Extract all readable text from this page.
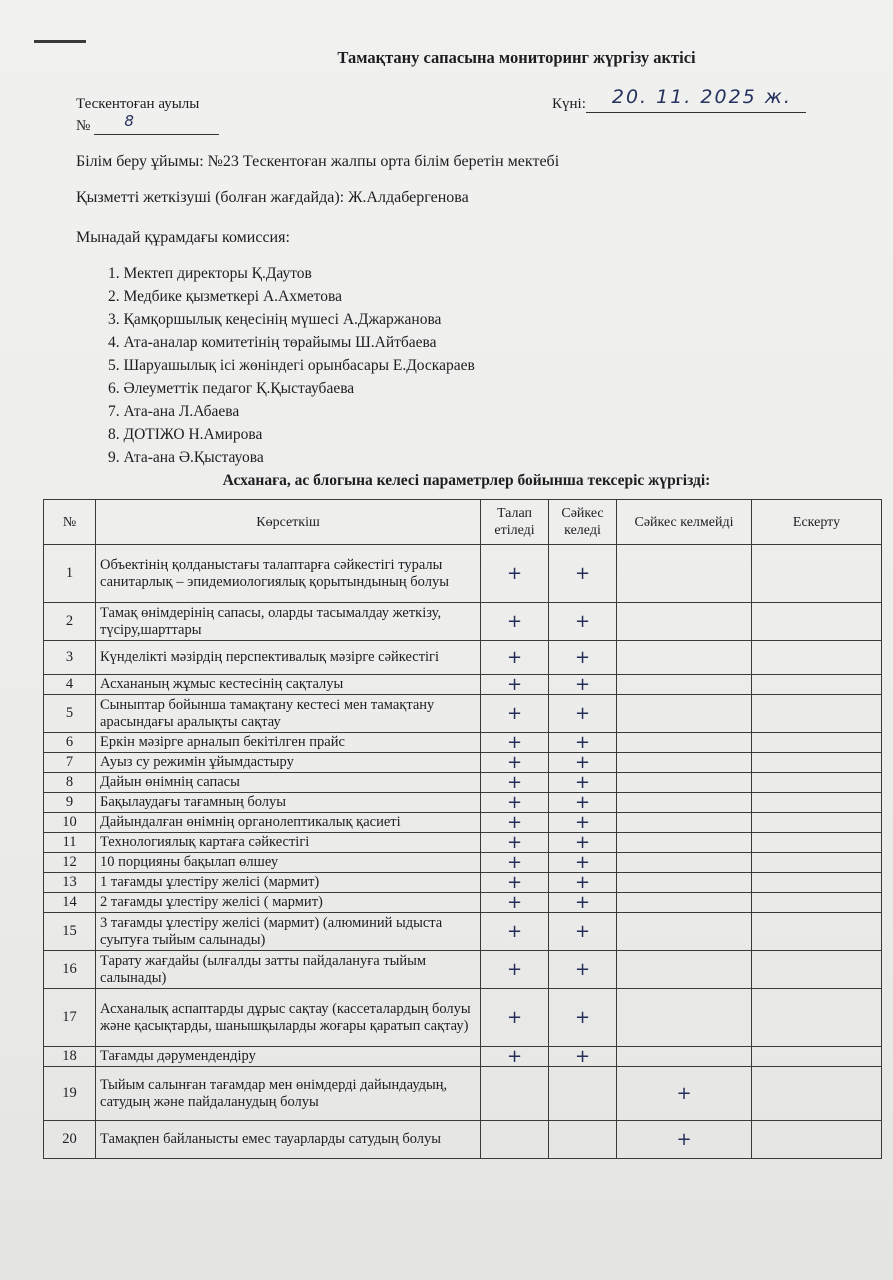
Тамақтану сапасына мониторинг жүргізу актісі
Тескентоған ауылы
№ 8
Күні: 20. 11. 2025 ж.
Білім беру ұйымы: №23 Тескентоған жалпы орта білім беретін мектебі
Қызметті жеткізуші (болған жағдайда): Ж.Алдабергенова
Мынадай құрамдағы комиссия:
1. Мектеп директоры Қ.Даутов
2. Медбике қызметкері А.Ахметова
3. Қамқоршылық кеңесінің мүшесі А.Джаржанова
4. Ата-аналар комитетінің төрайымы Ш.Айтбаева
5. Шаруашылық ісі жөніндегі орынбасары Е.Доскараев
6. Әлеуметтік педагог Қ.Қыстаубаева
7. Ата-ана Л.Абаева
8. ДОТІЖО Н.Амирова
9. Ата-ана Ә.Қыстауова
Асханаға, ас блогына келесі параметрлер бойынша тексеріс жүргізді:
№	Көрсеткіш	Талап етіледі	Сәйкес келеді	Сәйкес келмейді	Ескерту
1	Объектінің қолданыстағы талаптарға сәйкестігі туралы санитарлық – эпидемиологиялық қорытындының болуы	+	+		
2	Тамақ өнімдерінің сапасы, оларды тасымалдау жеткізу, түсіру,шарттары	+	+		
3	Күнделікті мәзірдің перспективалық мәзірге сәйкестігі	+	+		
4	Асхананың жұмыс кестесінің сақталуы	+	+		
5	Сыныптар бойынша тамақтану кестесі мен тамақтану арасындағы аралықты сақтау	+	+		
6	Еркін мәзірге арналып бекітілген прайс	+	+		
7	Ауыз су режимін ұйымдастыру	+	+		
8	Дайын өнімнің сапасы	+	+		
9	Бақылаудағы тағамның болуы	+	+		
10	Дайындалған өнімнің органолептикалық қасиеті	+	+		
11	Технологиялық картаға сәйкестігі	+	+		
12	10 порцияны бақылап өлшеу	+	+		
13	1 тағамды ұлестіру желісі (мармит)	+	+		
14	2 тағамды ұлестіру желісі ( мармит)	+	+		
15	3 тағамды ұлестіру желісі (мармит) (алюминий ыдыста суытуға тыйым салынады)	+	+		
16	Тарату жағдайы (ылғалды затты пайдалануға тыйым салынады)	+	+		
17	Асханалық аспаптарды дұрыс сақтау (кассеталардың болуы және қасықтарды, шанышқыларды жоғары қаратып сақтау)	+	+		
18	Тағамды дәрумендендіру	+	+		
19	Тыйым салынған тағамдар мен өнімдерді дайындаудың, сатудың және пайдаланудың болуы			+	
20	Тамақпен байланысты емес тауарларды сатудың болуы			+	
